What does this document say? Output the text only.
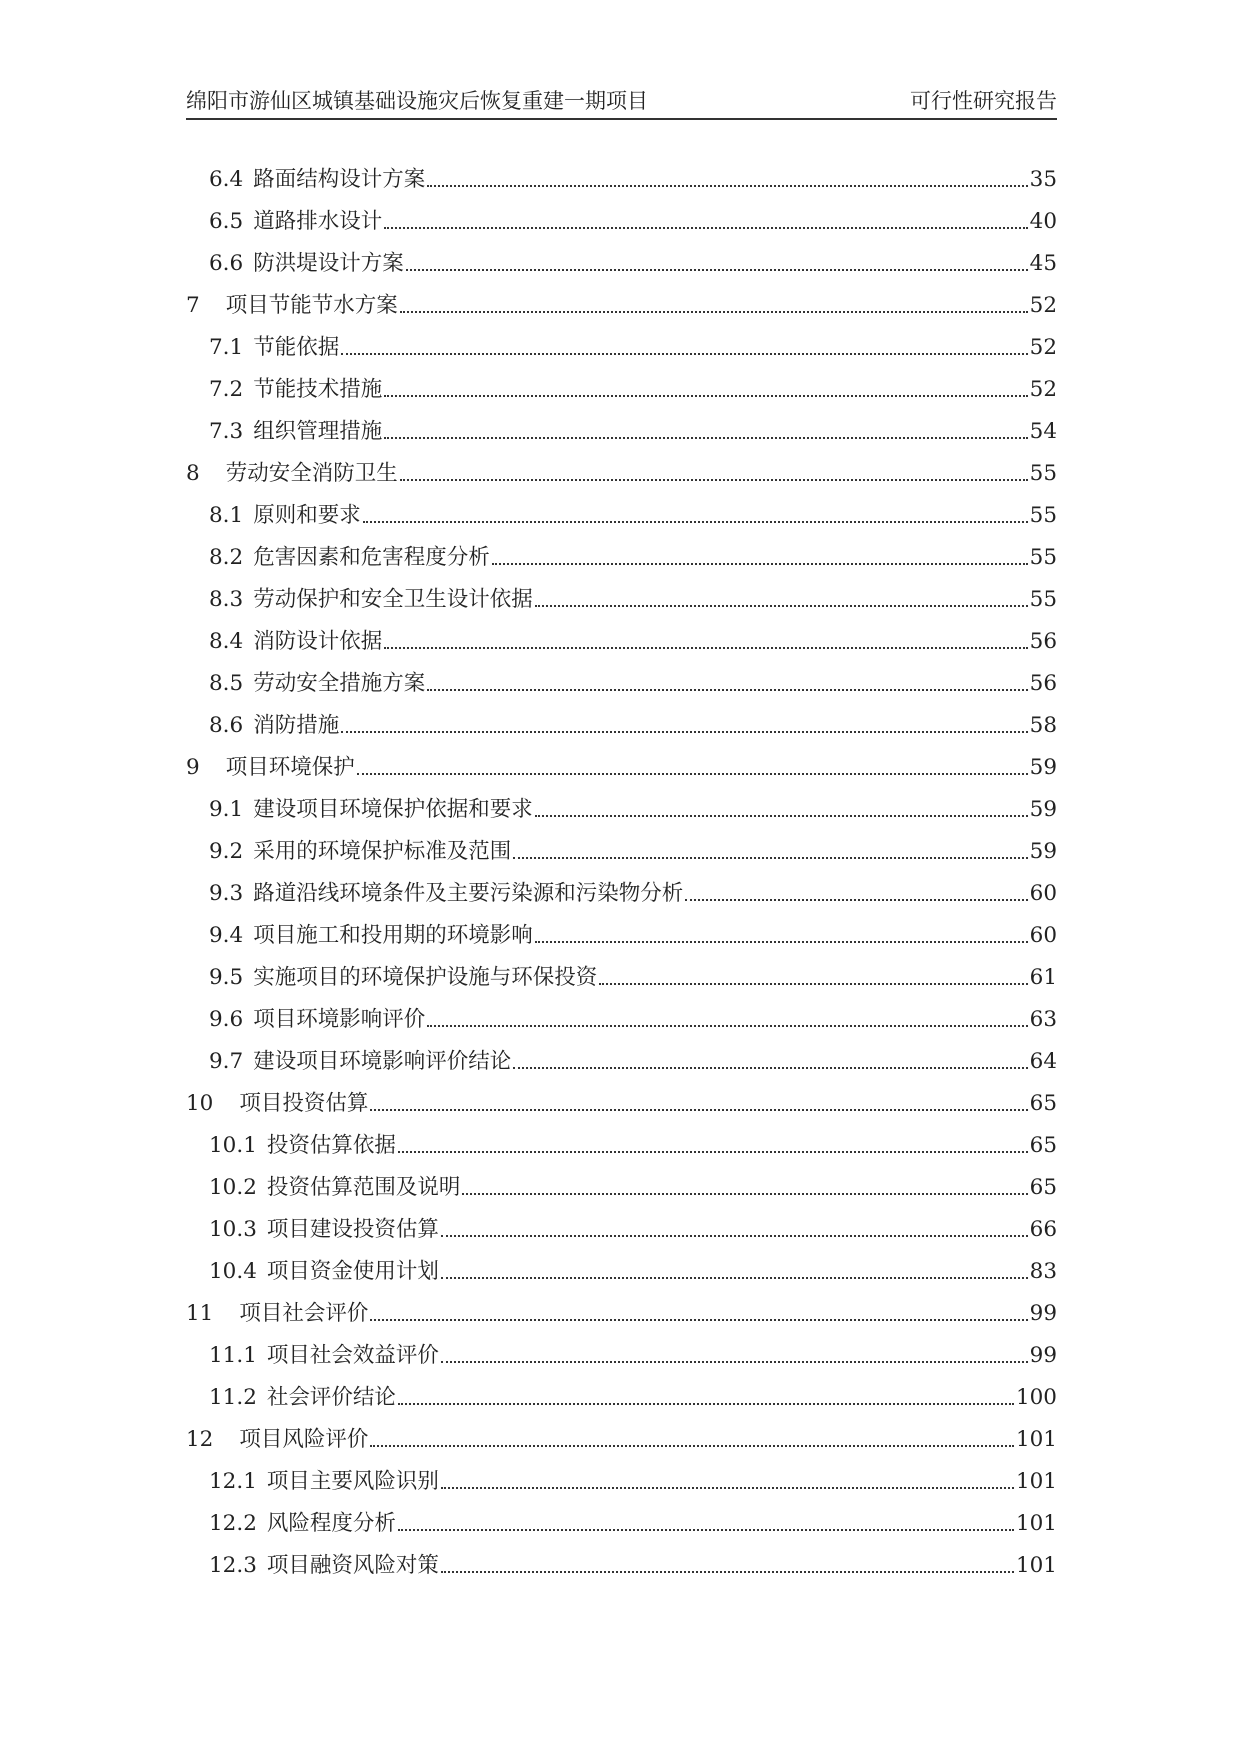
绵阳市游仙区城镇基础设施灾后恢复重建一期项目	可行性研究报告
6.4 路面结构设计方案	35
6.5 道路排水设计	40
6.6 防洪堤设计方案	45
7 项目节能节水方案	52
7.1 节能依据	52
7.2 节能技术措施	52
7.3 组织管理措施	54
8 劳动安全消防卫生	55
8.1 原则和要求	55
8.2 危害因素和危害程度分析	55
8.3 劳动保护和安全卫生设计依据	55
8.4 消防设计依据	56
8.5 劳动安全措施方案	56
8.6 消防措施	58
9 项目环境保护	59
9.1 建设项目环境保护依据和要求	59
9.2 采用的环境保护标准及范围	59
9.3 路道沿线环境条件及主要污染源和污染物分析	60
9.4 项目施工和投用期的环境影响	60
9.5 实施项目的环境保护设施与环保投资	61
9.6 项目环境影响评价	63
9.7 建设项目环境影响评价结论	64
10 项目投资估算	65
10.1 投资估算依据	65
10.2 投资估算范围及说明	65
10.3 项目建设投资估算	66
10.4 项目资金使用计划	83
11 项目社会评价	99
11.1 项目社会效益评价	99
11.2 社会评价结论	100
12 项目风险评价	101
12.1 项目主要风险识别	101
12.2 风险程度分析	101
12.3 项目融资风险对策	101
